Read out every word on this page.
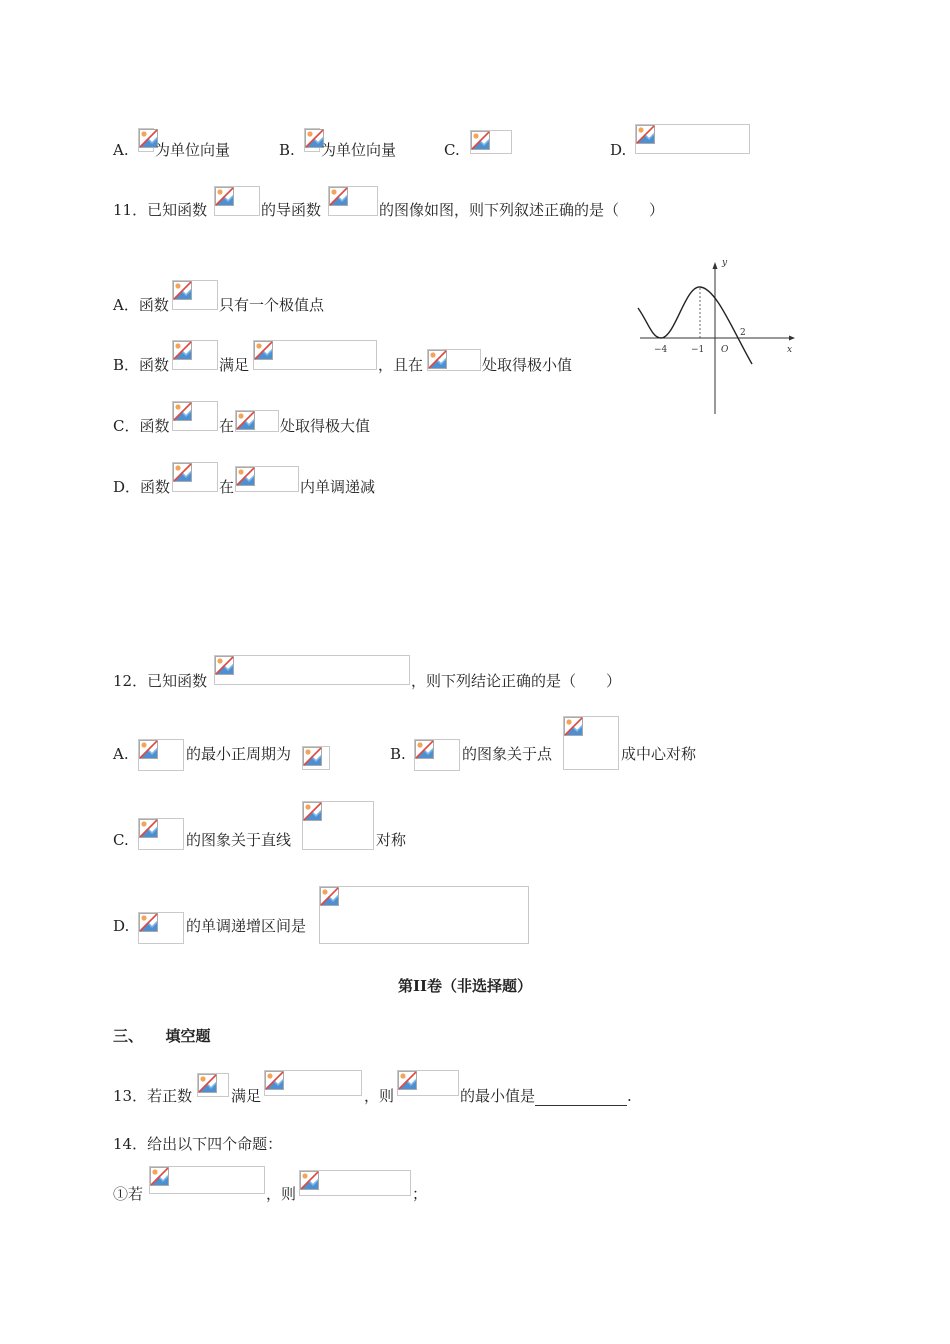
A. 为单位向量	B. 为单位向量	C.	D.
11．已知函数	的导函数	的图像如图，则下列叙述正确的是（　　）
A．函数	只有一个极值点
B．函数	满足	，且在	处取得极小值
C．函数	在	处取得极大值
D．函数	在	内单调递减
y
x
−4	−1 O
2
12．已知函数	，则下列结论正确的是（　　）
A.	的最小正周期为	B.	的图象关于点	成中心对称
C.	的图象关于直线	对称
D.	的单调递增区间是
第II卷（非选择题）
三、　　填空题
13．若正数	满足	，则	的最小值是	.
14．给出以下四个命题：
①若	，则	；
